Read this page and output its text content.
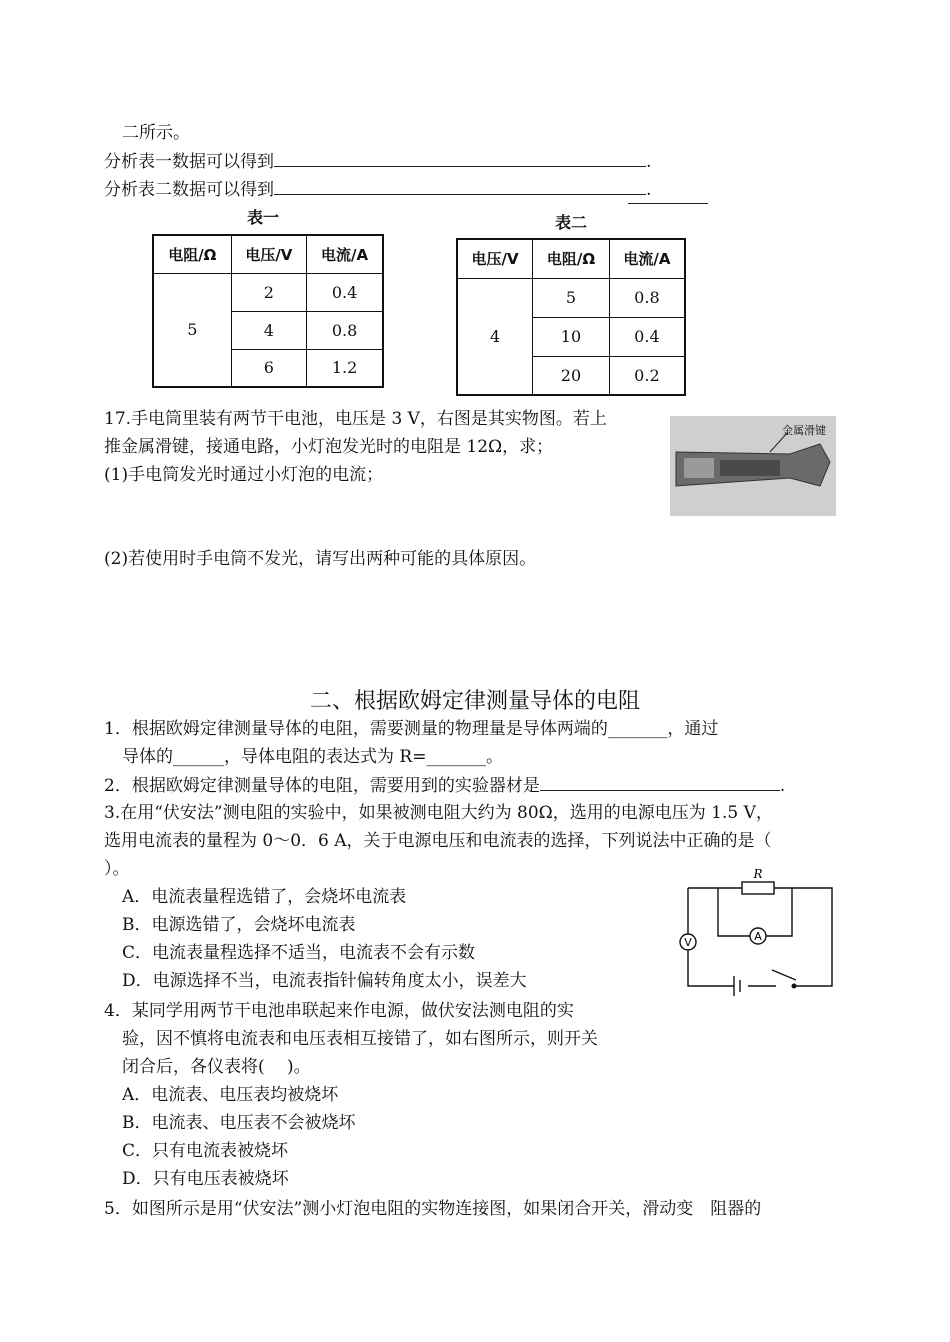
二所示。
分析表一数据可以得到	.
分析表二数据可以得到	.
表一
电阻/Ω	电压/V	电流/A
5	2	0.4
	4	0.8
	6	1.2
表二
电压/V	电阻/Ω	电流/A
4	5	0.8
	10	0.4
	20	0.2
17.手电筒里装有两节干电池，电压是 3 V，右图是其实物图。若上
推金属滑键，接通电路，小灯泡发光时的电阻是 12Ω，求；
(1)手电筒发光时通过小灯泡的电流；
(2)若使用时手电筒不发光，请写出两种可能的具体原因。
金属滑键
二、根据欧姆定律测量导体的电阻
1．根据欧姆定律测量导体的电阻，需要测量的物理量是导体两端的_______，通过
导体的______，导体电阻的表达式为 R=_______。
2．根据欧姆定律测量导体的电阻，需要用到的实验器材是	.
3.在用“伏安法”测电阻的实验中，如果被测电阻大约为 80Ω，选用的电源电压为 1.5 V，
选用电流表的量程为 0～0．6 A，关于电源电压和电流表的选择，下列说法中正确的是（
）。
A．电流表量程选错了，会烧坏电流表
B．电源选错了，会烧坏电流表
C．电流表量程选择不适当，电流表不会有示数
D．电源选择不当，电流表指针偏转角度太小，误差大
4．某同学用两节干电池串联起来作电源，做伏安法测电阻的实
验，因不慎将电流表和电压表相互接错了，如右图所示，则开关
闭合后，各仪表将(　 )。
A．电流表、电压表均被烧坏
B．电流表、电压表不会被烧坏
C．只有电流表被烧坏
D．只有电压表被烧坏
5．如图所示是用“伏安法”测小灯泡电阻的实物连接图，如果闭合开关，滑动变　阻器的
V	A
R
